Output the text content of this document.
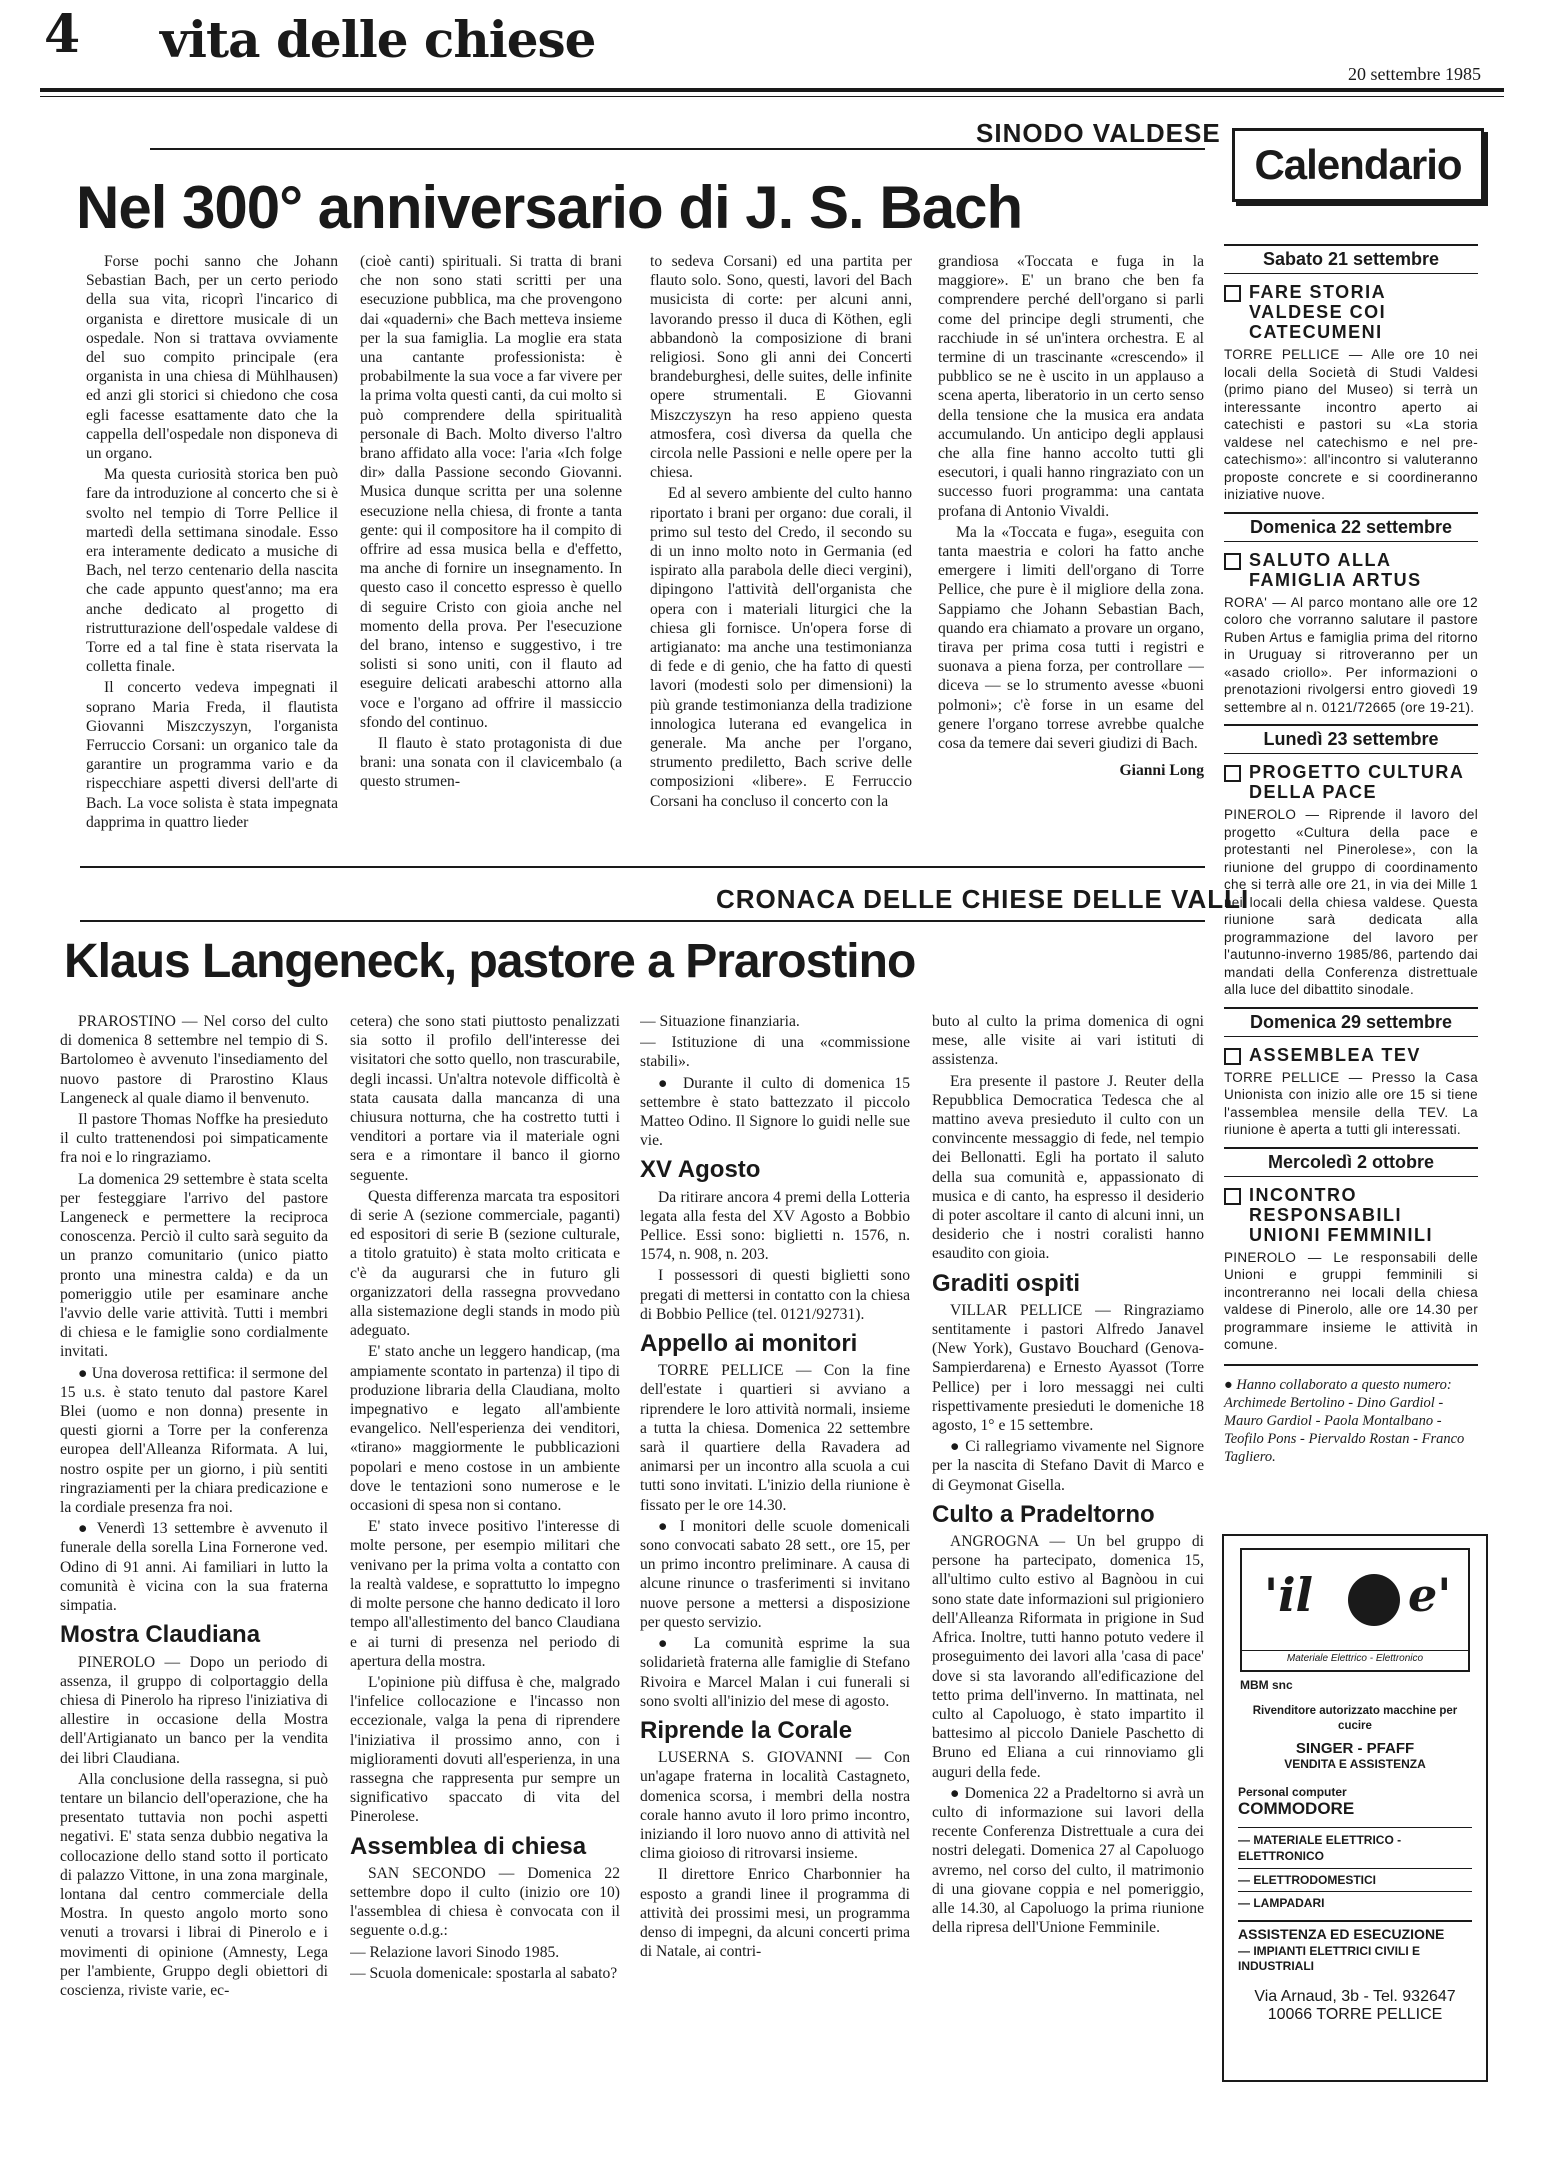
4 vita delle chiese
20 settembre 1985
SINODO VALDESE
Nel 300° anniversario di J. S. Bach

Forse pochi sanno che Johann Sebastian Bach, per un certo periodo della sua vita, ricoprì l'incarico di organista e direttore musicale di un ospedale. Non si trattava ovviamente del suo compito principale (era organista in una chiesa di Mühlhausen) ed anzi gli storici si chiedono che cosa egli facesse esattamente dato che la cappella dell'ospedale non disponeva di un organo.

Ma questa curiosità storica ben può fare da introduzione al concerto che si è svolto nel tempio di Torre Pellice il martedì della settimana sinodale. Esso era interamente dedicato a musiche di Bach, nel terzo centenario della nascita che cade appunto quest'anno; ma era anche dedicato al progetto di ristrutturazione dell'ospedale valdese di Torre ed a tal fine è stata riservata la colletta finale.

Il concerto vedeva impegnati il soprano Maria Freda, il flautista Giovanni Miszczyszyn, l'organista Ferruccio Corsani: un organico tale da garantire un programma vario e da rispecchiare aspetti diversi dell'arte di Bach. La voce solista è stata impegnata dapprima in quattro lieder

(cioè canti) spirituali. Si tratta di brani che non sono stati scritti per una esecuzione pubblica, ma che provengono dai «quaderni» che Bach metteva insieme per la sua famiglia. La moglie era stata una cantante professionista: è probabilmente la sua voce a far vivere per la prima volta questi canti, da cui molto si può comprendere della spiritualità personale di Bach. Molto diverso l'altro brano affidato alla voce: l'aria «Ich folge dir» dalla Passione secondo Giovanni. Musica dunque scritta per una solenne esecuzione nella chiesa, di fronte a tanta gente: qui il compositore ha il compito di offrire ad essa musica bella e d'effetto, ma anche di fornire un insegnamento. In questo caso il concetto espresso è quello di seguire Cristo con gioia anche nel momento della prova. Per l'esecuzione del brano, intenso e suggestivo, i tre solisti si sono uniti, con il flauto ad eseguire delicati arabeschi attorno alla voce e l'organo ad offrire il massiccio sfondo del continuo.

Il flauto è stato protagonista di due brani: una sonata con il clavicembalo (a questo strumen-

to sedeva Corsani) ed una partita per flauto solo. Sono, questi, lavori del Bach musicista di corte: per alcuni anni, lavorando presso il duca di Köthen, egli abbandonò la composizione di brani religiosi. Sono gli anni dei Concerti brandeburghesi, delle suites, delle infinite opere strumentali. E Giovanni Miszczyszyn ha reso appieno questa atmosfera, così diversa da quella che circola nelle Passioni e nelle opere per la chiesa.

Ed al severo ambiente del culto hanno riportato i brani per organo: due corali, il primo sul testo del Credo, il secondo su di un inno molto noto in Germania (ed ispirato alla parabola delle dieci vergini), dipingono l'attività dell'organista che opera con i materiali liturgici che la chiesa gli fornisce. Un'opera forse di artigianato: ma anche una testimonianza di fede e di genio, che ha fatto di questi lavori (modesti solo per dimensioni) la più grande testimonianza della tradizione innologica luterana ed evangelica in generale. Ma anche per l'organo, strumento prediletto, Bach scrive delle composizioni «libere». E Ferruccio Corsani ha concluso il concerto con la

grandiosa «Toccata e fuga in la maggiore». E' un brano che ben fa comprendere perché dell'organo si parli come del principe degli strumenti, che racchiude in sé un'intera orchestra. E al termine di un trascinante «crescendo» il pubblico se ne è uscito in un applauso a scena aperta, liberatorio in un certo senso della tensione che la musica era andata accumulando. Un anticipo degli applausi che alla fine hanno accolto tutti gli esecutori, i quali hanno ringraziato con un successo fuori programma: una cantata profana di Antonio Vivaldi.

Ma la «Toccata e fuga», eseguita con tanta maestria e colori ha fatto anche emergere i limiti dell'organo di Torre Pellice, che pure è il migliore della zona. Sappiamo che Johann Sebastian Bach, quando era chiamato a provare un organo, tirava per prima cosa tutti i registri e suonava a piena forza, per controllare — diceva — se lo strumento avesse «buoni polmoni»; c'è forse in un esame del genere l'organo torrese avrebbe qualche cosa da temere dai severi giudizi di Bach.

Gianni Long
CRONACA DELLE CHIESE DELLE VALLI
Klaus Langeneck, pastore a Prarostino

PRAROSTINO — Nel corso del culto di domenica 8 settembre nel tempio di S. Bartolomeo è avvenuto l'insediamento del nuovo pastore di Prarostino Klaus Langeneck al quale diamo il benvenuto.

Il pastore Thomas Noffke ha presieduto il culto trattenendosi poi simpaticamente fra noi e lo ringraziamo.

La domenica 29 settembre è stata scelta per festeggiare l'arrivo del pastore Langeneck e permettere la reciproca conoscenza. Perciò il culto sarà seguito da un pranzo comunitario (unico piatto pronto una minestra calda) e da un pomeriggio utile per esaminare anche l'avvio delle varie attività. Tutti i membri di chiesa e le famiglie sono cordialmente invitati.

● Una doverosa rettifica: il sermone del 15 u.s. è stato tenuto dal pastore Karel Blei (uomo e non donna) presente in questi giorni a Torre per la conferenza europea dell'Alleanza Riformata. A lui, nostro ospite per un giorno, i più sentiti ringraziamenti per la chiara predicazione e la cordiale presenza fra noi.

● Venerdì 13 settembre è avvenuto il funerale della sorella Lina Fornerone ved. Odino di 91 anni. Ai familiari in lutto la comunità è vicina con la sua fraterna simpatia.

Mostra Claudiana

PINEROLO — Dopo un periodo di assenza, il gruppo di colportaggio della chiesa di Pinerolo ha ripreso l'iniziativa di allestire in occasione della Mostra dell'Artigianato un banco per la vendita dei libri Claudiana.

Alla conclusione della rassegna, si può tentare un bilancio dell'operazione, che ha presentato tuttavia non pochi aspetti negativi. E' stata senza dubbio negativa la collocazione dello stand sotto il porticato di palazzo Vittone, in una zona marginale, lontana dal centro commerciale della Mostra. In questo angolo morto sono venuti a trovarsi i librai di Pinerolo e i movimenti di opinione (Amnesty, Lega per l'ambiente, Gruppo degli obiettori di coscienza, riviste varie, ec-

cetera) che sono stati piuttosto penalizzati sia sotto il profilo dell'interesse dei visitatori che sotto quello, non trascurabile, degli incassi. Un'altra notevole difficoltà è stata causata dalla mancanza di una chiusura notturna, che ha costretto tutti i venditori a portare via il materiale ogni sera e a rimontare il banco il giorno seguente.

Questa differenza marcata tra espositori di serie A (sezione commerciale, paganti) ed espositori di serie B (sezione culturale, a titolo gratuito) è stata molto criticata e c'è da augurarsi che in futuro gli organizzatori della rassegna provvedano alla sistemazione degli stands in modo più adeguato.

E' stato anche un leggero handicap, (ma ampiamente scontato in partenza) il tipo di produzione libraria della Claudiana, molto impegnativo e legato all'ambiente evangelico. Nell'esperienza dei venditori, «tirano» maggiormente le pubblicazioni popolari e meno costose in un ambiente dove le tentazioni sono numerose e le occasioni di spesa non si contano.

E' stato invece positivo l'interesse di molte persone, per esempio militari che venivano per la prima volta a contatto con la realtà valdese, e soprattutto lo impegno di molte persone che hanno dedicato il loro tempo all'allestimento del banco Claudiana e ai turni di presenza nel periodo di apertura della mostra.

L'opinione più diffusa è che, malgrado l'infelice collocazione e l'incasso non eccezionale, valga la pena di riprendere l'iniziativa il prossimo anno, con i miglioramenti dovuti all'esperienza, in una rassegna che rappresenta pur sempre un significativo spaccato di vita del Pinerolese.

Assemblea di chiesa

SAN SECONDO — Domenica 22 settembre dopo il culto (inizio ore 10) l'assemblea di chiesa è convocata con il seguente o.d.g.:

— Relazione lavori Sinodo 1985.

— Scuola domenicale: spostarla al sabato?

— Situazione finanziaria.

— Istituzione di una «commissione stabili».

● Durante il culto di domenica 15 settembre è stato battezzato il piccolo Matteo Odino. Il Signore lo guidi nelle sue vie.

XV Agosto

Da ritirare ancora 4 premi della Lotteria legata alla festa del XV Agosto a Bobbio Pellice. Essi sono: biglietti n. 1576, n. 1574, n. 908, n. 203.

I possessori di questi biglietti sono pregati di mettersi in contatto con la chiesa di Bobbio Pellice (tel. 0121/92731).

Appello ai monitori

TORRE PELLICE — Con la fine dell'estate i quartieri si avviano a riprendere le loro attività normali, insieme a tutta la chiesa. Domenica 22 settembre sarà il quartiere della Ravadera ad animarsi per un incontro alla scuola a cui tutti sono invitati. L'inizio della riunione è fissato per le ore 14.30.

● I monitori delle scuole domenicali sono convocati sabato 28 sett., ore 15, per un primo incontro preliminare. A causa di alcune rinunce o trasferimenti si invitano nuove persone a mettersi a disposizione per questo servizio.

● La comunità esprime la sua solidarietà fraterna alle famiglie di Stefano Rivoira e Marcel Malan i cui funerali si sono svolti all'inizio del mese di agosto.

Riprende la Corale

LUSERNA S. GIOVANNI — Con un'agape fraterna in località Castagneto, domenica scorsa, i membri della nostra corale hanno avuto il loro primo incontro, iniziando il loro nuovo anno di attività nel clima gioioso di ritrovarsi insieme.

Il direttore Enrico Charbonnier ha esposto a grandi linee il programma di attività dei prossimi mesi, un programma denso di impegni, da alcuni concerti prima di Natale, ai contri-

buto al culto la prima domenica di ogni mese, alle visite ai vari istituti di assistenza.

Era presente il pastore J. Reuter della Repubblica Democratica Tedesca che al mattino aveva presieduto il culto con un convincente messaggio di fede, nel tempio dei Bellonatti. Egli ha portato il saluto della sua comunità e, appassionato di musica e di canto, ha espresso il desiderio di poter ascoltare il canto di alcuni inni, un desiderio che i nostri coralisti hanno esaudito con gioia.

Graditi ospiti

VILLAR PELLICE — Ringraziamo sentitamente i pastori Alfredo Janavel (New York), Gustavo Bouchard (Genova-Sampierdarena) e Ernesto Ayassot (Torre Pellice) per i loro messaggi nei culti rispettivamente presieduti le domeniche 18 agosto, 1° e 15 settembre.

● Ci rallegriamo vivamente nel Signore per la nascita di Stefano Davit di Marco e di Geymonat Gisella.

Culto a Pradeltorno

ANGROGNA — Un bel gruppo di persone ha partecipato, domenica 15, all'ultimo culto estivo al Bagnòou in cui sono state date informazioni sul prigioniero dell'Alleanza Riformata in prigione in Sud Africa. Inoltre, tutti hanno potuto vedere il proseguimento dei lavori alla 'casa di pace' dove si sta lavorando all'edificazione del tetto prima dell'inverno. In mattinata, nel culto al Capoluogo, è stato impartito il battesimo al piccolo Daniele Paschetto di Bruno ed Eliana a cui rinnoviamo gli auguri della fede.

● Domenica 22 a Pradeltorno si avrà un culto di informazione sui lavori della recente Conferenza Distrettuale a cura dei nostri delegati. Domenica 27 al Capoluogo avremo, nel corso del culto, il matrimonio di una giovane coppia e nel pomeriggio, alle 14.30, al Capoluogo la prima riunione della ripresa dell'Unione Femminile.

Calendario
Sabato 21 settembre
FARE STORIA VALDESE COI CATECUMENI
TORRE PELLICE — Alle ore 10 nei locali della Società di Studi Valdesi (primo piano del Museo) si terrà un interessante incontro aperto ai catechisti e pastori su «La storia valdese nel catechismo e nel pre-catechismo»: all'incontro si valuteranno proposte concrete e si coordineranno iniziative nuove.
Domenica 22 settembre
SALUTO ALLA FAMIGLIA ARTUS
RORA' — Al parco montano alle ore 12 coloro che vorranno salutare il pastore Ruben Artus e famiglia prima del ritorno in Uruguay si ritroveranno per un «asado criollo». Per informazioni o prenotazioni rivolgersi entro giovedì 19 settembre al n. 0121/72665 (ore 19-21).
Lunedì 23 settembre
PROGETTO CULTURA DELLA PACE
PINEROLO — Riprende il lavoro del progetto «Cultura della pace e protestanti nel Pinerolese», con la riunione del gruppo di coordinamento che si terrà alle ore 21, in via dei Mille 1 nei locali della chiesa valdese. Questa riunione sarà dedicata alla programmazione del lavoro per l'autunno-inverno 1985/86, partendo dai mandati della Conferenza distrettuale alla luce del dibattito sinodale.
Domenica 29 settembre
ASSEMBLEA TEV
TORRE PELLICE — Presso la Casa Unionista con inizio alle ore 15 si tiene l'assemblea mensile della TEV. La riunione è aperta a tutti gli interessati.
Mercoledì 2 ottobre
INCONTRO RESPONSABILI UNIONI FEMMINILI
PINEROLO — Le responsabili delle Unioni e gruppi femminili si incontreranno nei locali della chiesa valdese di Pinerolo, alle ore 14.30 per programmare insieme le attività in comune.
● Hanno collaborato a questo numero: Archimede Bertolino - Dino Gardiol - Mauro Gardiol - Paola Montalbano - Teofilo Pons - Piervaldo Rostan - Franco Tagliero.
'il e'
Materiale Elettrico - Elettronico
MBM snc
Rivenditore autorizzato macchine per cucire
SINGER - PFAFF
VENDITA E ASSISTENZA
Personal computer
COMMODORE
— MATERIALE ELETTRICO - ELETTRONICO
— ELETTRODOMESTICI
— LAMPADARI
ASSISTENZA ED ESECUZIONE
— IMPIANTI ELETTRICI CIVILI E INDUSTRIALI
Via Arnaud, 3b - Tel. 932647
10066 TORRE PELLICE
